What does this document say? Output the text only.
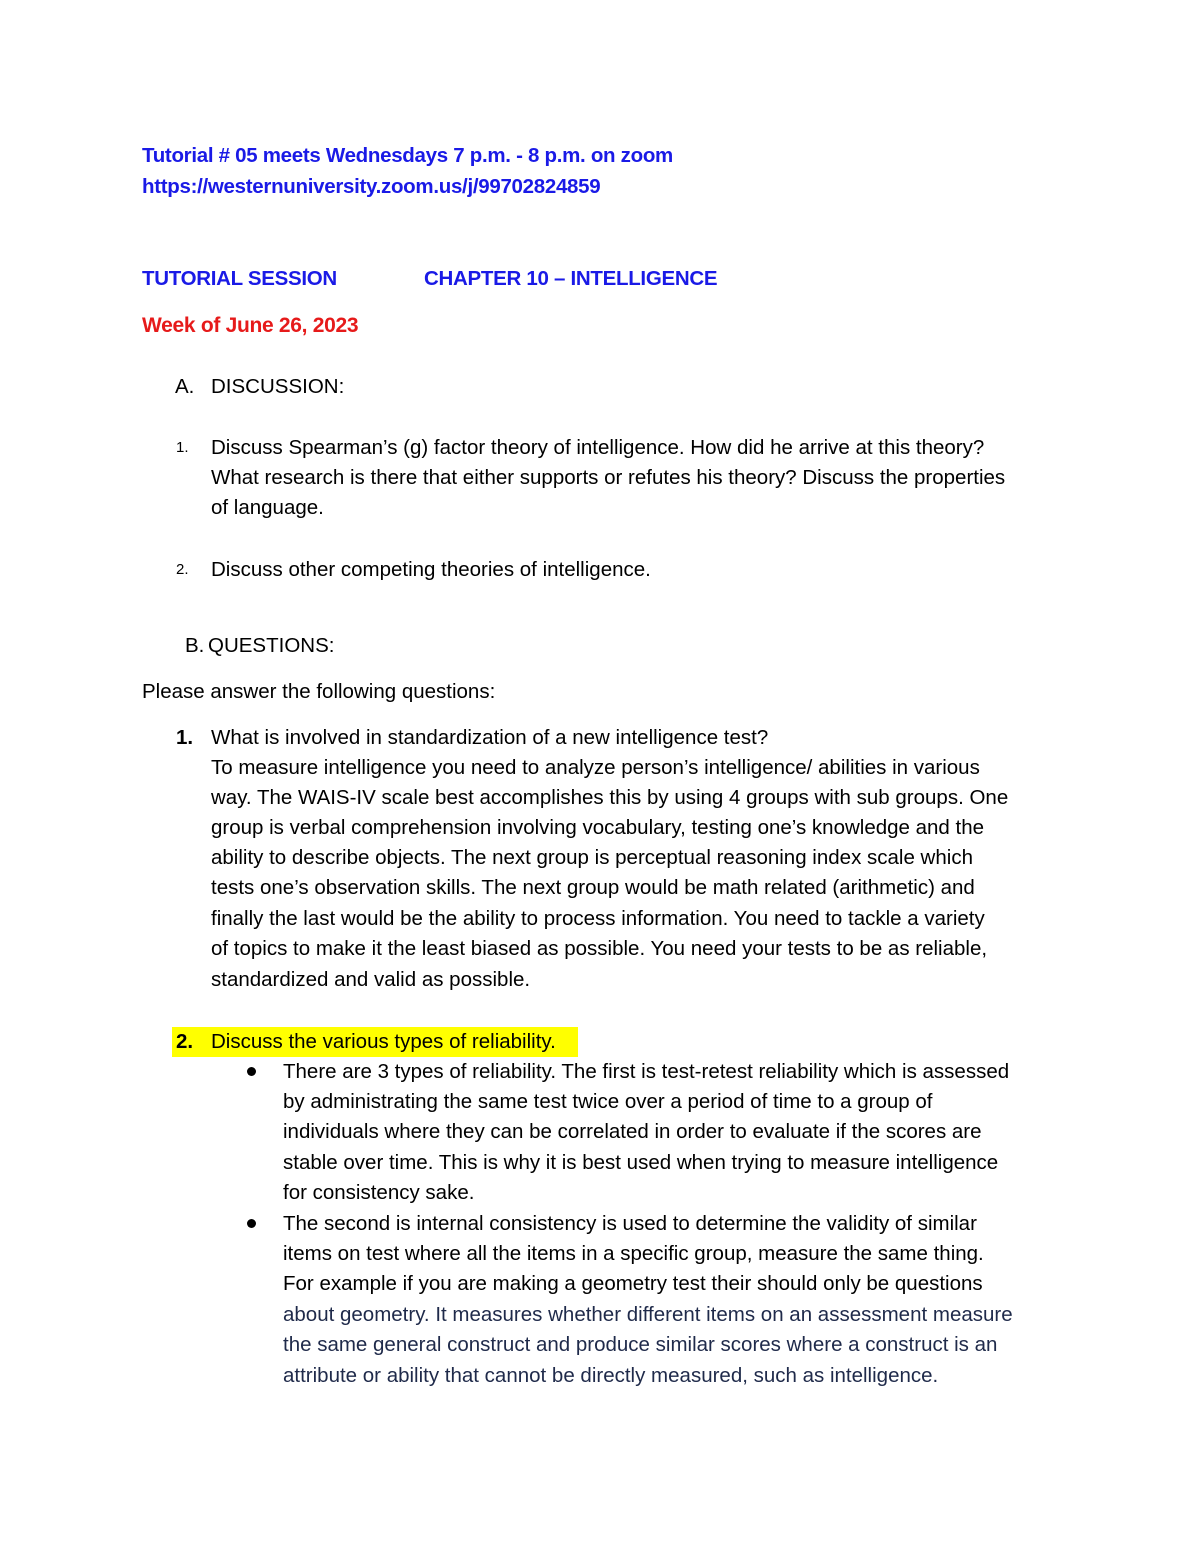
Tutorial # 05 meets Wednesdays 7 p.m. - 8 p.m. on zoom
https://westernuniversity.zoom.us/j/99702824859
TUTORIAL SESSION	CHAPTER 10 – INTELLIGENCE
Week of June 26, 2023
A. DISCUSSION:
1. Discuss Spearman’s (g) factor theory of intelligence. How did he arrive at this theory?
What research is there that either supports or refutes his theory? Discuss the properties
of language.
2. Discuss other competing theories of intelligence.
B. QUESTIONS:
Please answer the following questions:
1. What is involved in standardization of a new intelligence test?
To measure intelligence you need to analyze person’s intelligence/ abilities in various
way. The WAIS-IV scale best accomplishes this by using 4 groups with sub groups. One
group is verbal comprehension involving vocabulary, testing one’s knowledge and the
ability to describe objects. The next group is perceptual reasoning index scale which
tests one’s observation skills. The next group would be math related (arithmetic) and
finally the last would be the ability to process information. You need to tackle a variety
of topics to make it the least biased as possible. You need your tests to be as reliable,
standardized and valid as possible.
2. Discuss the various types of reliability.
There are 3 types of reliability. The first is test-retest reliability which is assessed
by administrating the same test twice over a period of time to a group of
individuals where they can be correlated in order to evaluate if the scores are
stable over time. This is why it is best used when trying to measure intelligence
for consistency sake.
The second is internal consistency is used to determine the validity of similar
items on test where all the items in a specific group, measure the same thing.
For example if you are making a geometry test their should only be questions
about geometry. It measures whether different items on an assessment measure
the same general construct and produce similar scores where a construct is an
attribute or ability that cannot be directly measured, such as intelligence.
